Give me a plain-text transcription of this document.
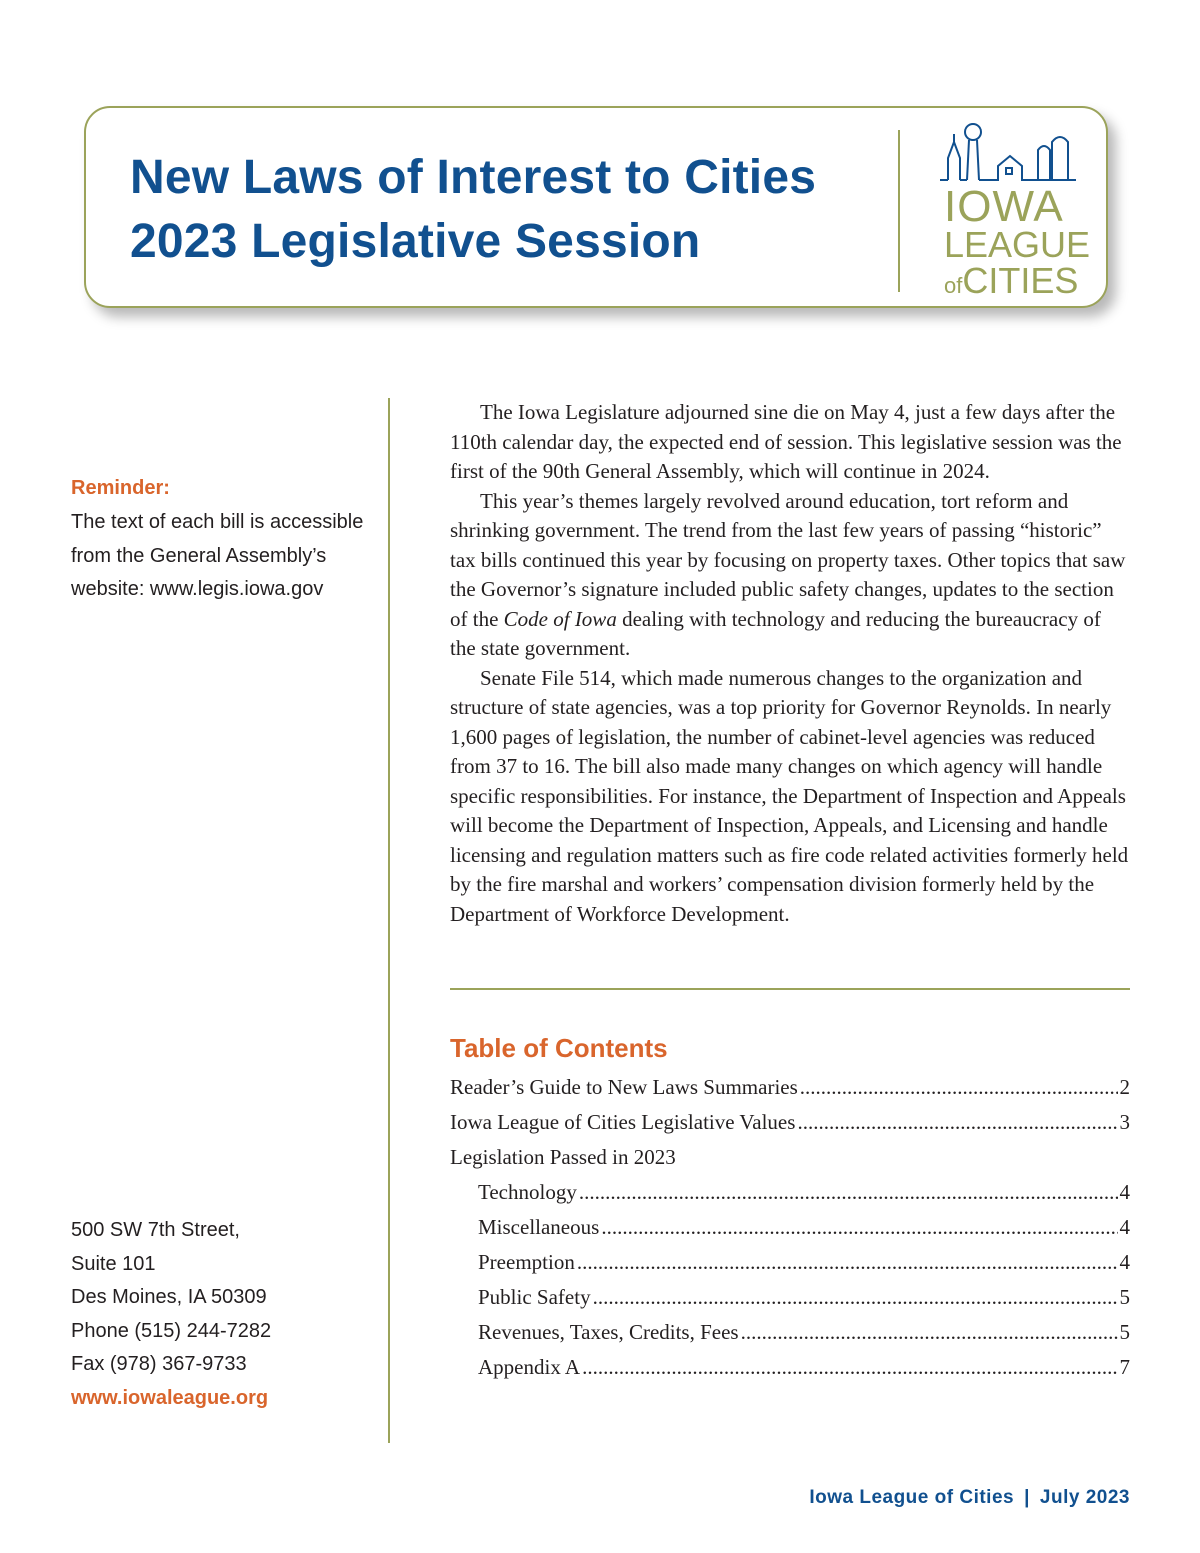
New Laws of Interest to Cities
2023 Legislative Session
IOWA
LEAGUE
ofCITIES
Reminder:
The text of each bill is accessible from the General Assembly’s website: www.legis.iowa.gov
500 SW 7th Street,
Suite 101
Des Moines, IA 50309
Phone (515) 244-7282
Fax (978) 367-9733
www.iowaleague.org

The Iowa Legislature adjourned sine die on May 4, just a few days after the 110th calendar day, the expected end of session. This legislative session was the first of the 90th General Assembly, which will continue in 2024.

This year’s themes largely revolved around education, tort reform and shrinking government. The trend from the last few years of passing “historic” tax bills continued this year by focusing on property taxes. Other topics that saw the Governor’s signature included public safety changes, updates to the section of the Code of Iowa dealing with technology and reducing the bureaucracy of the state government.

Senate File 514, which made numerous changes to the organization and structure of state agencies, was a top priority for Governor Reynolds. In nearly 1,600 pages of legislation, the number of cabinet-level agencies was reduced from 37 to 16. The bill also made many changes on which agency will handle specific responsibilities. For instance, the Department of Inspection and Appeals will become the Department of Inspection, Appeals, and Licensing and handle licensing and regulation matters such as fire code related activities formerly held by the fire marshal and workers’ compensation division formerly held by the Department of Workforce Development.

Table of Contents
Reader’s Guide to New Laws Summaries .....	2
Iowa League of Cities Legislative Values .....	3
Legislation Passed in 2023
Technology .....	4
Miscellaneous .....	4
Preemption .....	4
Public Safety .....	5
Revenues, Taxes, Credits, Fees .....	5
Appendix A .....	7
Iowa League of Cities | July 2023
